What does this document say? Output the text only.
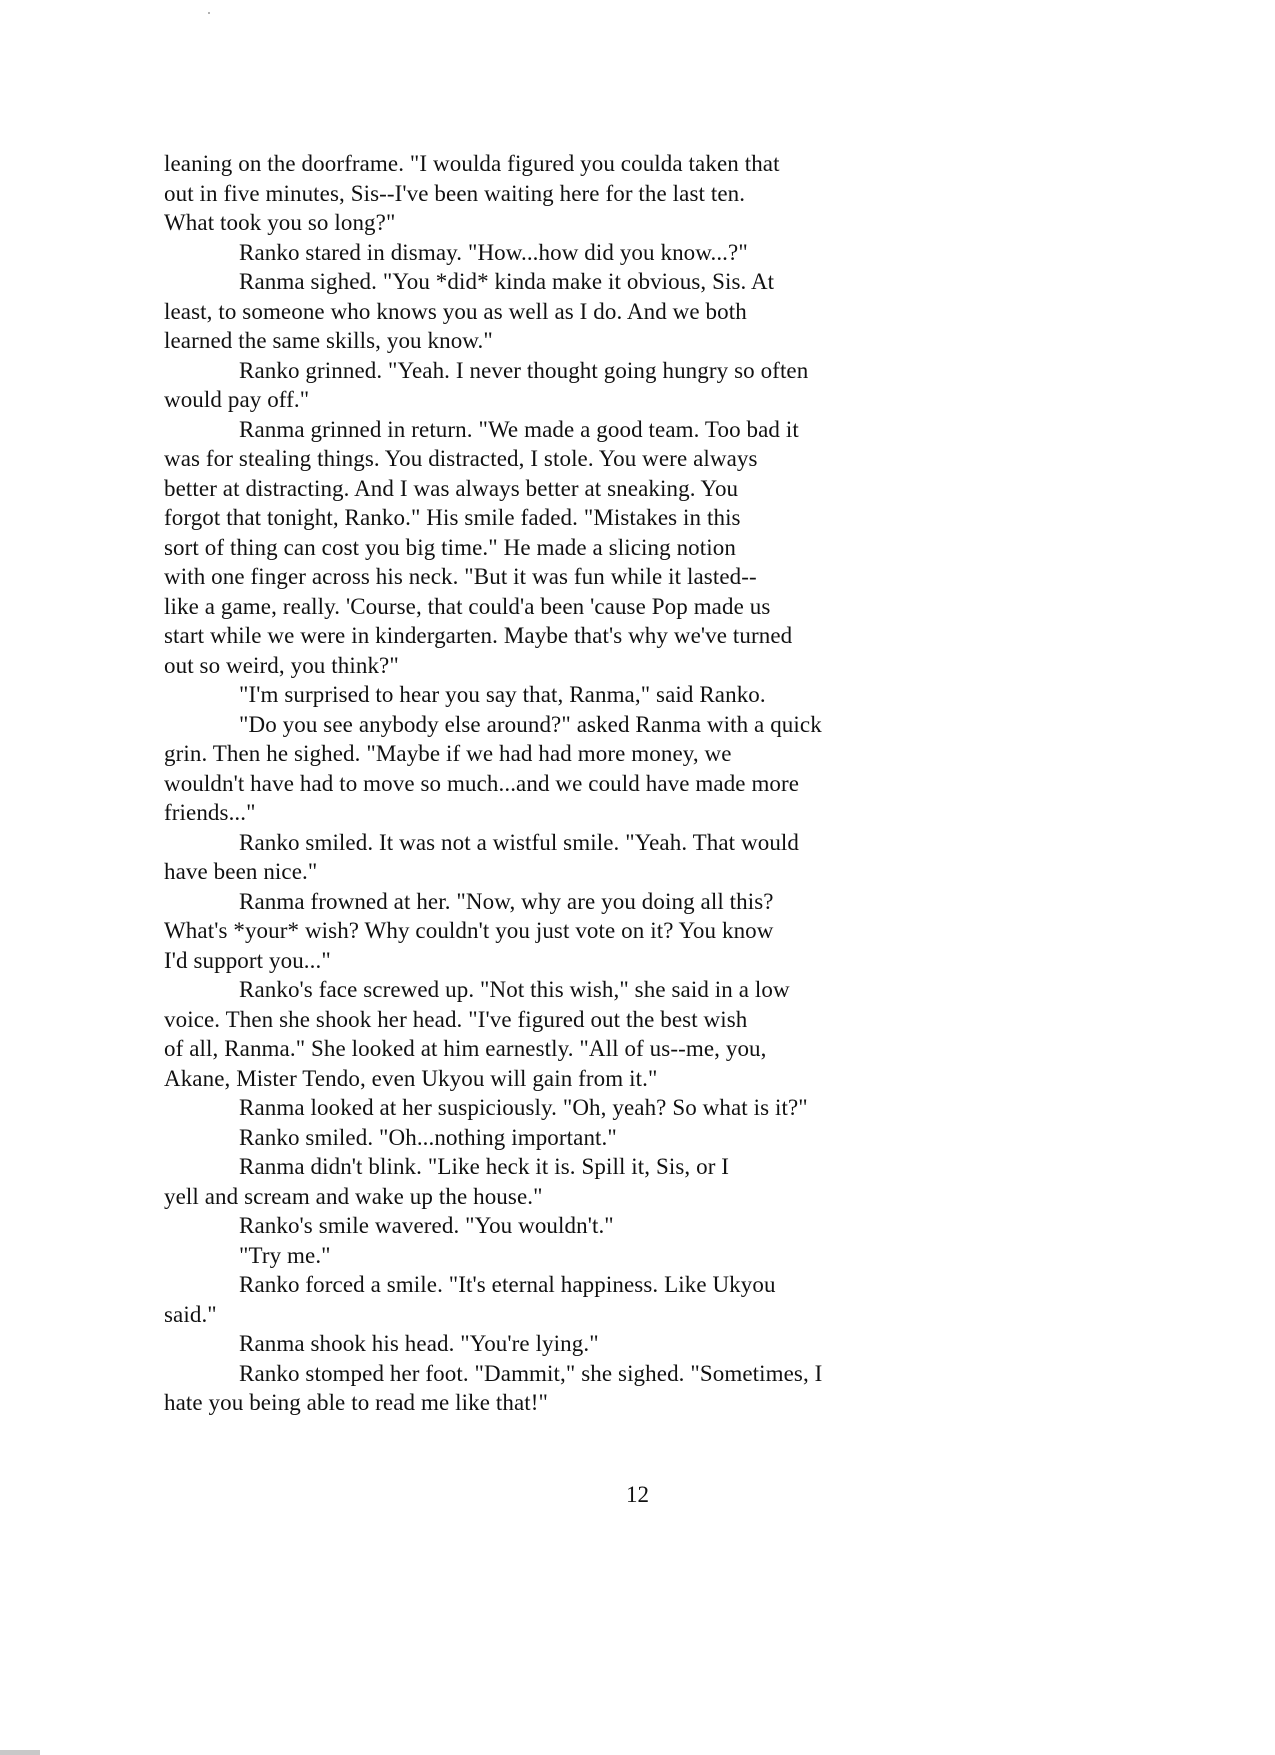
leaning on the doorframe. "I woulda figured you coulda taken that
out in five minutes, Sis--I've been waiting here for the last ten.
What took you so long?"
Ranko stared in dismay. "How...how did you know...?"
Ranma sighed. "You *did* kinda make it obvious, Sis. At
least, to someone who knows you as well as I do. And we both
learned the same skills, you know."
Ranko grinned. "Yeah. I never thought going hungry so often
would pay off."
Ranma grinned in return. "We made a good team. Too bad it
was for stealing things. You distracted, I stole. You were always
better at distracting. And I was always better at sneaking. You
forgot that tonight, Ranko." His smile faded. "Mistakes in this
sort of thing can cost you big time." He made a slicing notion
with one finger across his neck. "But it was fun while it lasted--
like a game, really. 'Course, that could'a been 'cause Pop made us
start while we were in kindergarten. Maybe that's why we've turned
out so weird, you think?"
"I'm surprised to hear you say that, Ranma," said Ranko.
"Do you see anybody else around?" asked Ranma with a quick
grin. Then he sighed. "Maybe if we had had more money, we
wouldn't have had to move so much...and we could have made more
friends..."
Ranko smiled. It was not a wistful smile. "Yeah. That would
have been nice."
Ranma frowned at her. "Now, why are you doing all this?
What's *your* wish? Why couldn't you just vote on it? You know
I'd support you..."
Ranko's face screwed up. "Not this wish," she said in a low
voice. Then she shook her head. "I've figured out the best wish
of all, Ranma." She looked at him earnestly. "All of us--me, you,
Akane, Mister Tendo, even Ukyou will gain from it."
Ranma looked at her suspiciously. "Oh, yeah? So what is it?"
Ranko smiled. "Oh...nothing important."
Ranma didn't blink. "Like heck it is. Spill it, Sis, or I
yell and scream and wake up the house."
Ranko's smile wavered. "You wouldn't."
"Try me."
Ranko forced a smile. "It's eternal happiness. Like Ukyou
said."
Ranma shook his head. "You're lying."
Ranko stomped her foot. "Dammit," she sighed. "Sometimes, I
hate you being able to read me like that!"
12
